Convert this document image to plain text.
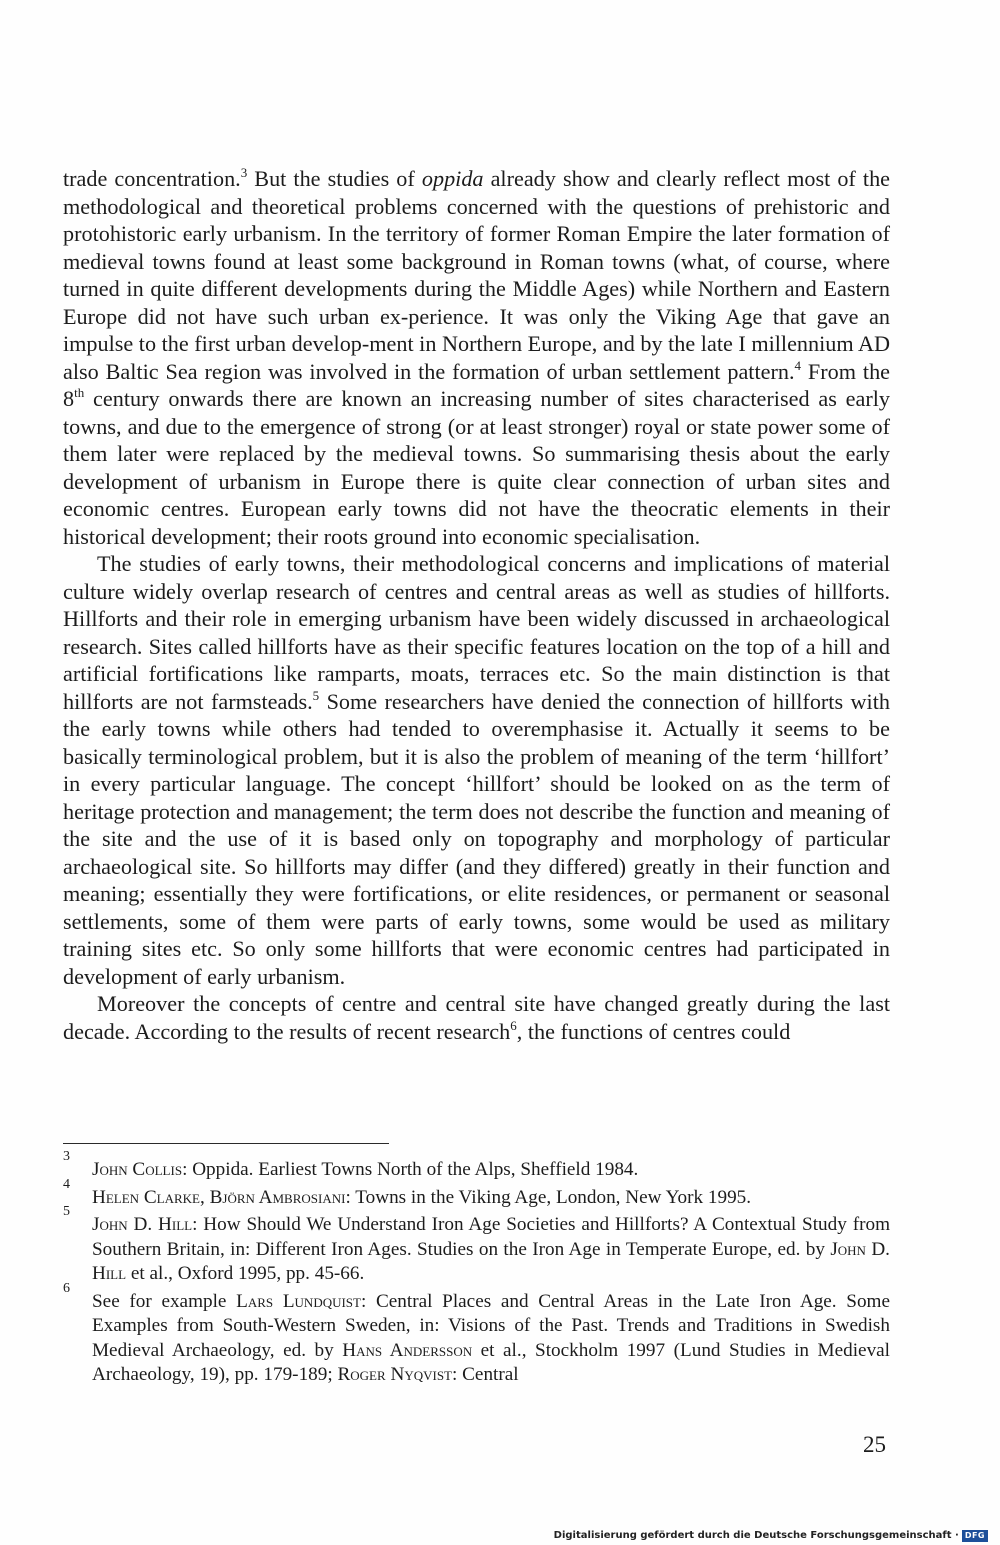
trade concentration.$^3$ But the studies of oppida already show and clearly reflect most of the methodological and theoretical problems concerned with the questions of prehistoric and protohistoric early urbanism. In the territory of former Roman Empire the later formation of medieval towns found at least some background in Roman towns (what, of course, where turned in quite different developments during the Middle Ages) while Northern and Eastern Europe did not have such urban ex-perience. It was only the Viking Age that gave an impulse to the first urban develop-ment in Northern Europe, and by the late I millennium AD also Baltic Sea region was involved in the formation of urban settlement pattern.$^4$ From the 8th century onwards there are known an increasing number of sites characterised as early towns, and due to the emergence of strong (or at least stronger) royal or state power some of them later were replaced by the medieval towns. So summarising thesis about the early development of urbanism in Europe there is quite clear connection of urban sites and economic centres. European early towns did not have the theocratic elements in their historical development; their roots ground into economic specialisation.

The studies of early towns, their methodological concerns and implications of material culture widely overlap research of centres and central areas as well as studies of hillforts. Hillforts and their role in emerging urbanism have been widely discussed in archaeological research. Sites called hillforts have as their specific features location on the top of a hill and artificial fortifications like ramparts, moats, terraces etc. So the main distinction is that hillforts are not farmsteads.$^5$ Some researchers have denied the connection of hillforts with the early towns while others had tended to overemphasise it. Actually it seems to be basically terminological problem, but it is also the problem of meaning of the term ‘hillfort’ in every particular language. The concept ‘hillfort’ should be looked on as the term of heritage protection and management; the term does not describe the function and meaning of the site and the use of it is based only on topography and morphology of particular archaeological site. So hillforts may differ (and they differed) greatly in their function and meaning; essentially they were fortifications, or elite residences, or permanent or seasonal settlements, some of them were parts of early towns, some would be used as military training sites etc. So only some hillforts that were economic centres had participated in development of early urbanism.

Moreover the concepts of centre and central site have changed greatly during the last decade. According to the results of recent research$^6$, the functions of centres could

3
John Collis: Oppida. Earliest Towns North of the Alps, Sheffield 1984.
4
Helen Clarke, Björn Ambrosiani: Towns in the Viking Age, London, New York 1995.
5
John D. Hill: How Should We Understand Iron Age Societies and Hillforts? A Contextual Study from Southern Britain, in: Different Iron Ages. Studies on the Iron Age in Temperate Europe, ed. by John D. Hill et al., Oxford 1995, pp. 45-66.
6
See for example Lars Lundquist: Central Places and Central Areas in the Late Iron Age. Some Examples from South-Western Sweden, in: Visions of the Past. Trends and Traditions in Swedish Medieval Archaeology, ed. by Hans Andersson et al., Stockholm 1997 (Lund Studies in Medieval Archaeology, 19), pp. 179-189; Roger Nyqvist: Central
25
Digitalisierung gefördert durch die Deutsche Forschungsgemeinschaft · DFG
